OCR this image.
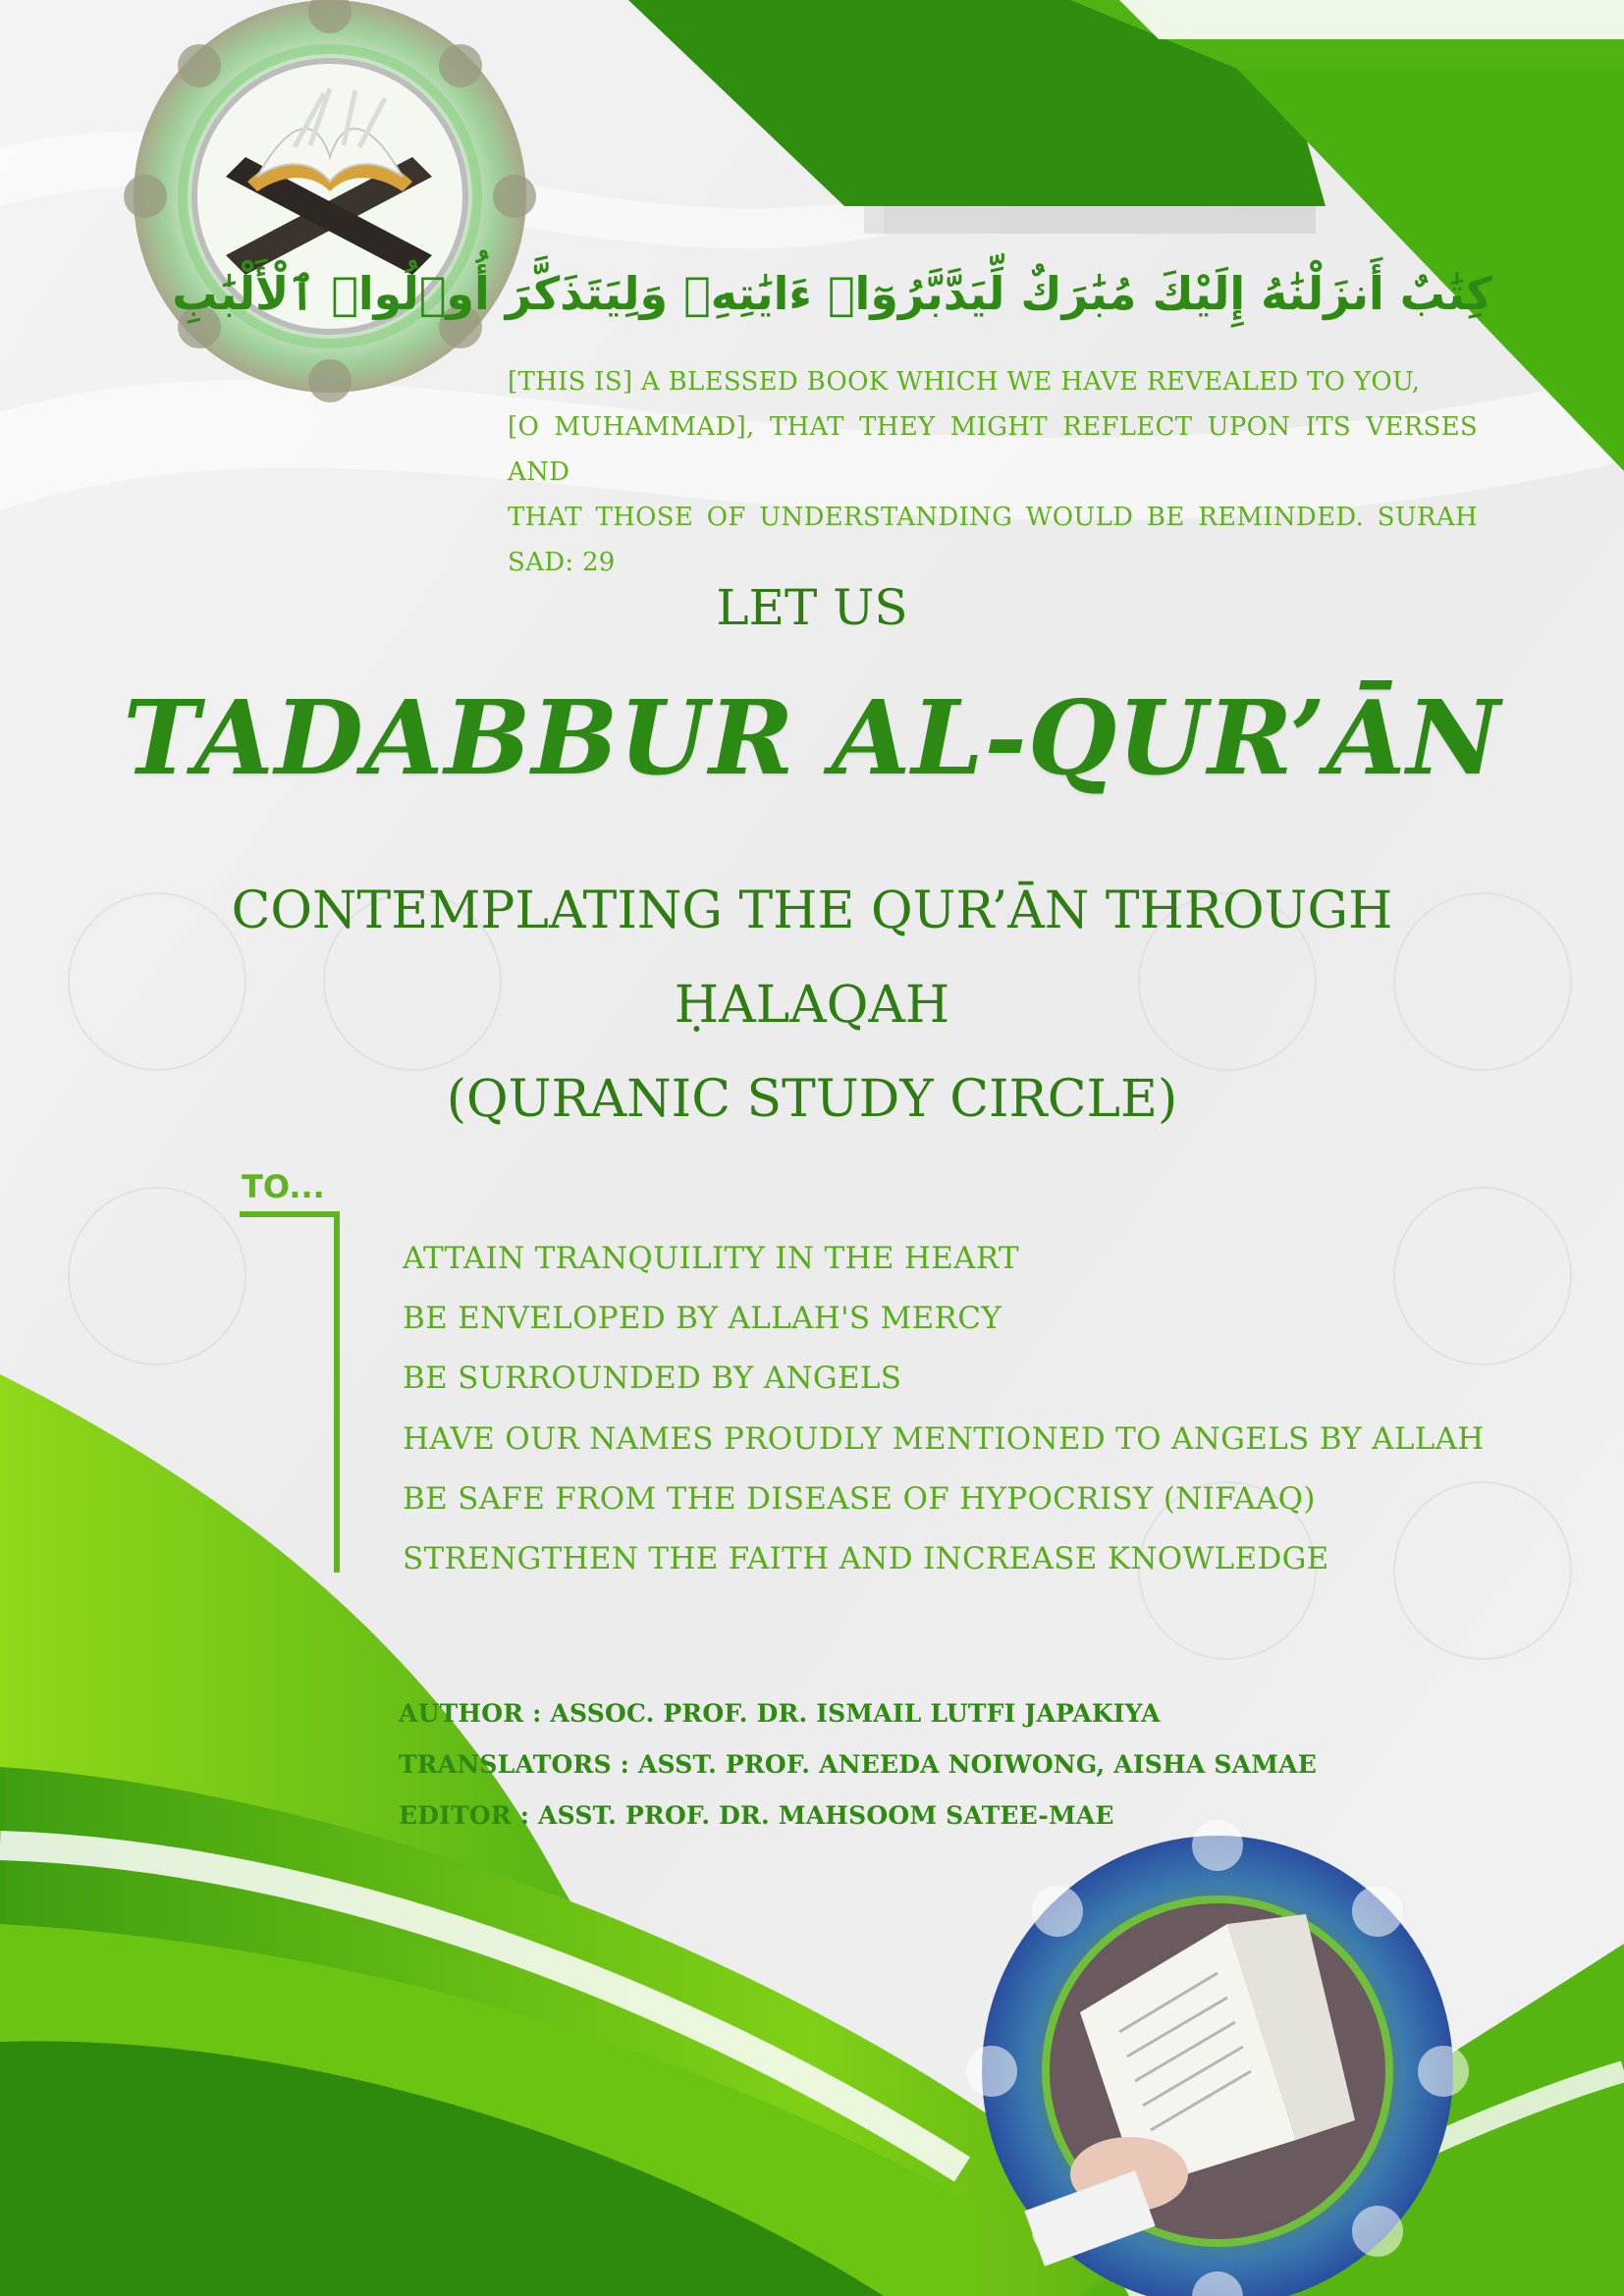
كِتَٰبٌ أَنزَلْنَٰهُ إِلَيْكَ مُبَٰرَكٌ لِّيَدَّبَّرُوٓا۟ ءَايَٰتِهِۦ وَلِيَتَذَكَّرَ أُو۟لُوا۟ ٱلْأَلْبَٰبِ

[THIS IS] A BLESSED BOOK WHICH WE HAVE REVEALED TO YOU,
[O MUHAMMAD], THAT THEY MIGHT REFLECT UPON ITS VERSES AND
THAT THOSE OF UNDERSTANDING WOULD BE REMINDED. SURAH SAD: 29

LET US

TADABBUR AL-QUR’ĀN
CONTEMPLATING THE QUR’ĀN THROUGH
ḤALAQAH
(QURANIC STUDY CIRCLE)

TO...

ATTAIN TRANQUILITY IN THE HEART
BE ENVELOPED BY ALLAH'S MERCY
BE SURROUNDED BY ANGELS
HAVE OUR NAMES PROUDLY MENTIONED TO ANGELS BY ALLAH
BE SAFE FROM THE DISEASE OF HYPOCRISY (NIFAAQ)
STRENGTHEN THE FAITH AND INCREASE KNOWLEDGE
AUTHOR : ASSOC. PROF. DR. ISMAIL LUTFI JAPAKIYA
TRANSLATORS : ASST. PROF. ANEEDA NOIWONG, AISHA SAMAE
EDITOR : ASST. PROF. DR. MAHSOOM SATEE-MAE
